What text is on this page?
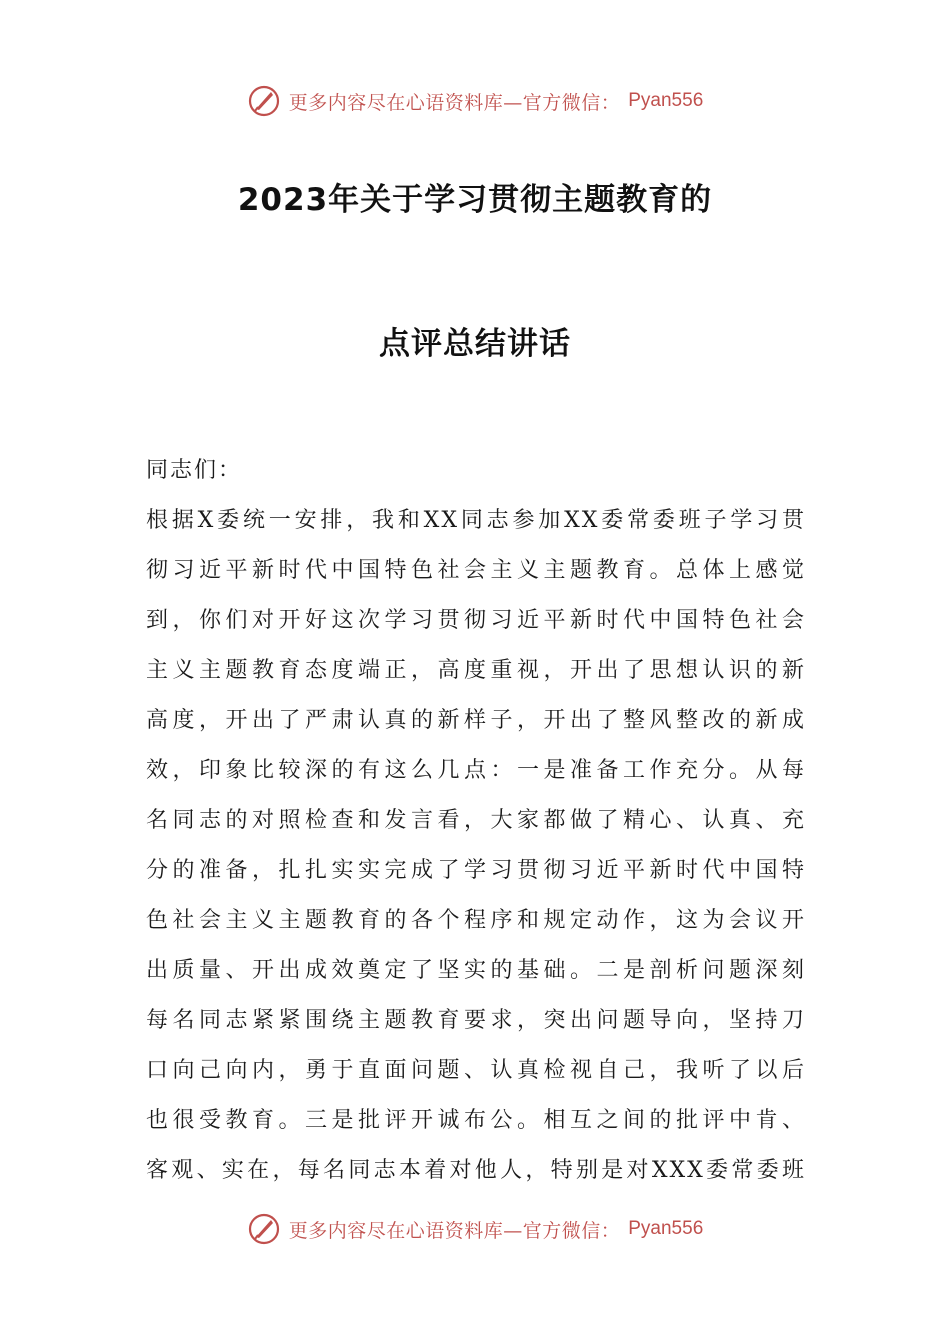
更多内容尽在心语资料库—官方微信： Pyan556
2023年关于学习贯彻主题教育的
点评总结讲话
同志们：
根据X委统一安排，我和XX同志参加XX委常委班子学习贯
彻习近平新时代中国特色社会主义主题教育。总体上感觉
到，你们对开好这次学习贯彻习近平新时代中国特色社会
主义主题教育态度端正，高度重视，开出了思想认识的新
高度，开出了严肃认真的新样子，开出了整风整改的新成
效，印象比较深的有这么几点：一是准备工作充分。从每
名同志的对照检查和发言看，大家都做了精心、认真、充
分的准备，扎扎实实完成了学习贯彻习近平新时代中国特
色社会主义主题教育的各个程序和规定动作，这为会议开
出质量、开出成效奠定了坚实的基础。二是剖析问题深刻
每名同志紧紧围绕主题教育要求，突出问题导向，坚持刀
口向己向内，勇于直面问题、认真检视自己，我听了以后
也很受教育。三是批评开诚布公。相互之间的批评中肯、
客观、实在，每名同志本着对他人，特别是对XXX委常委班
更多内容尽在心语资料库—官方微信： Pyan556
